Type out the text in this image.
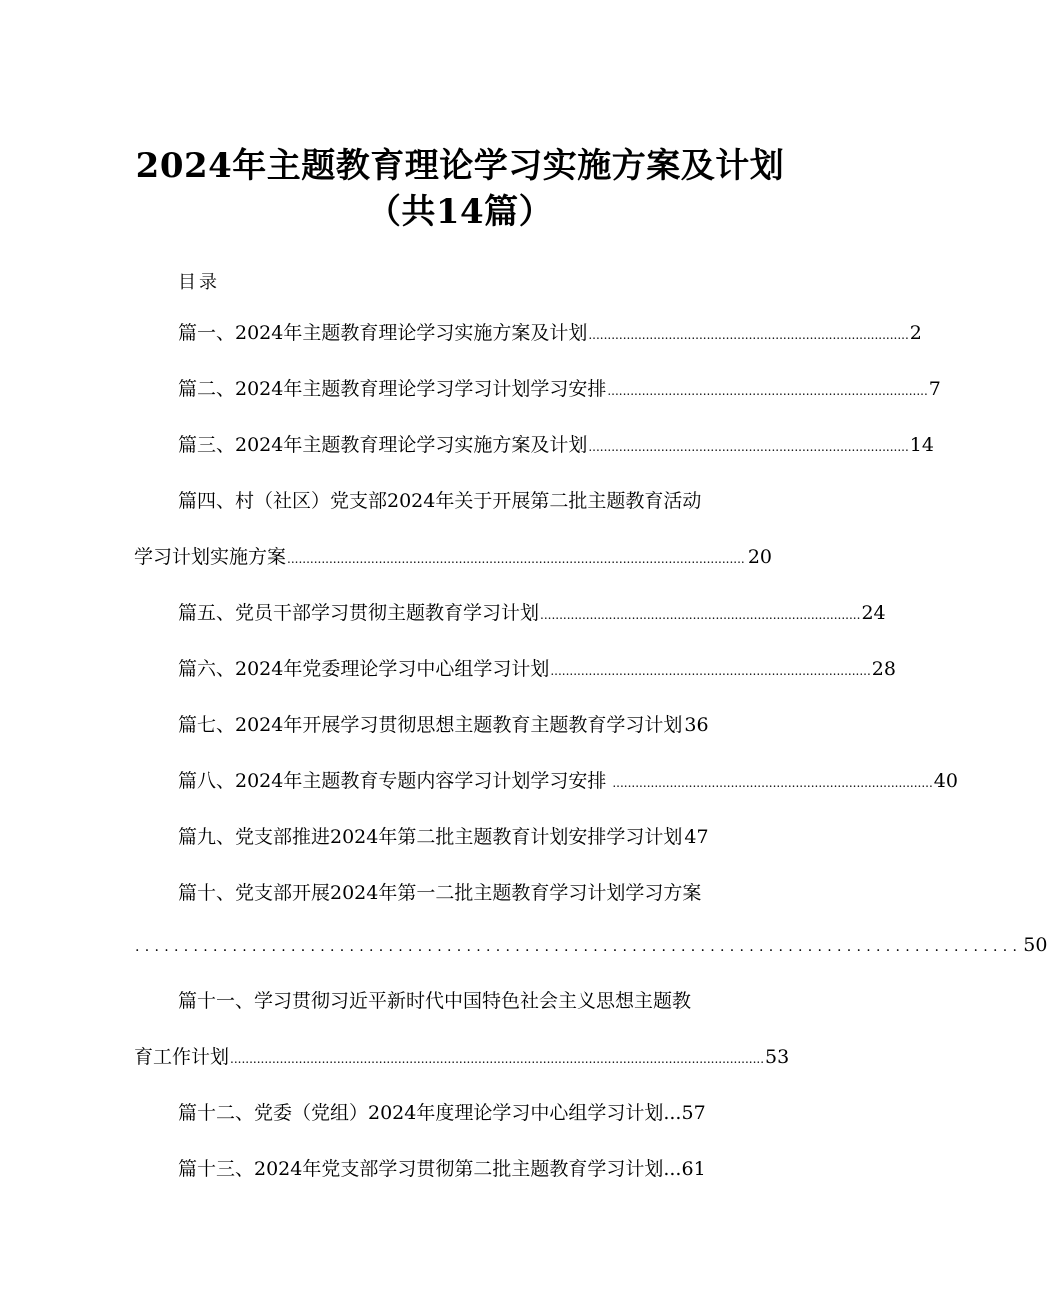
2024年主题教育理论学习实施方案及计划
（共14篇）
目录
篇一、2024年主题教育理论学习实施方案及计划 .................................................................................... 2
篇二、2024年主题教育理论学习学习计划学习安排 .................................................................................... 7
篇三、2024年主题教育理论学习实施方案及计划 .................................................................................... 14
篇四、村（社区）党支部2024年关于开展第二批主题教育活动
学习计划实施方案 ........................................................................................................................ 20
篇五、党员干部学习贯彻主题教育学习计划 .................................................................................... 24
篇六、2024年党委理论学习中心组学习计划 .................................................................................... 28
篇七、2024年开展学习贯彻思想主题教育主题教育学习计划 36
篇八、2024年主题教育专题内容学习计划学习安排 .................................................................................... 40
篇九、党支部推进2024年第二批主题教育计划安排学习计划 47
篇十、党支部开展2024年第一二批主题教育学习计划学习方案
........................................................................................... 50
篇十一、学习贯彻习近平新时代中国特色社会主义思想主题教
育工作计划 ............................................................................................................................................ 53
篇十二、党委（党组）2024年度理论学习中心组学习计划... 57
篇十三、2024年党支部学习贯彻第二批主题教育学习计划... 61
